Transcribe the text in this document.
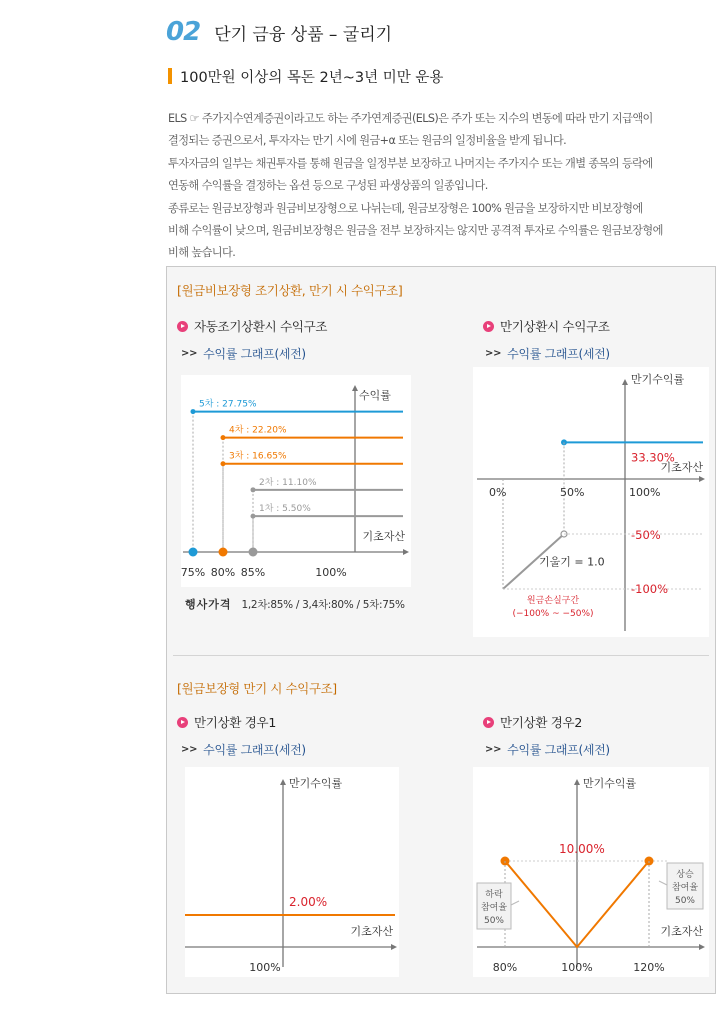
02 단기 금융 상품 – 굴리기
100만원 이상의 목돈 2년~3년 미만 운용

ELS ☞ 주가지수연계증권이라고도 하는 주가연계증권(ELS)은 주가 또는 지수의 변동에 따라 만기 지급액이

결정되는 증권으로서, 투자자는 만기 시에 원금+α 또는 원금의 일정비율을 받게 됩니다.

투자자금의 일부는 채권투자를 통해 원금을 일정부분 보장하고 나머지는 주가지수 또는 개별 종목의 등락에

연동해 수익률을 결정하는 옵션 등으로 구성된 파생상품의 일종입니다.

종류로는 원금보장형과 원금비보장형으로 나뉘는데, 원금보장형은 100% 원금을 보장하지만 비보장형에

비해 수익률이 낮으며, 원금비보장형은 원금을 전부 보장하지는 않지만 공격적 투자로 수익률은 원금보장형에

비해 높습니다.

[원금비보장형 조기상환, 만기 시 수익구조]
자동조기상환시 수익구조
>> 수익률 그래프(세전)
만기상환시 수익구조
>> 수익률 그래프(세전)
수익률
기초자산
5차 : 27.75%
4차 : 22.20%
3차 : 16.65%
2차 : 11.10%
1차 : 5.50%
75% 80% 85%	100%
행사가격 1,2차:85% / 3,4차:80% / 5차:75%
만기수익률
기초자산
0%	50%	100%
33.30%
-50%
-100%
기울기 = 1.0
원금손실구간
(−100% ~ −50%)
[원금보장형 만기 시 수익구조]
만기상환 경우1
>> 수익률 그래프(세전)
만기상환 경우2
>> 수익률 그래프(세전)
만기수익률
기초자산
2.00%
100%
만기수익률
기초자산
10.00%
80%	100%	120%
하락
참여율
50%
상승
참여율
50%
